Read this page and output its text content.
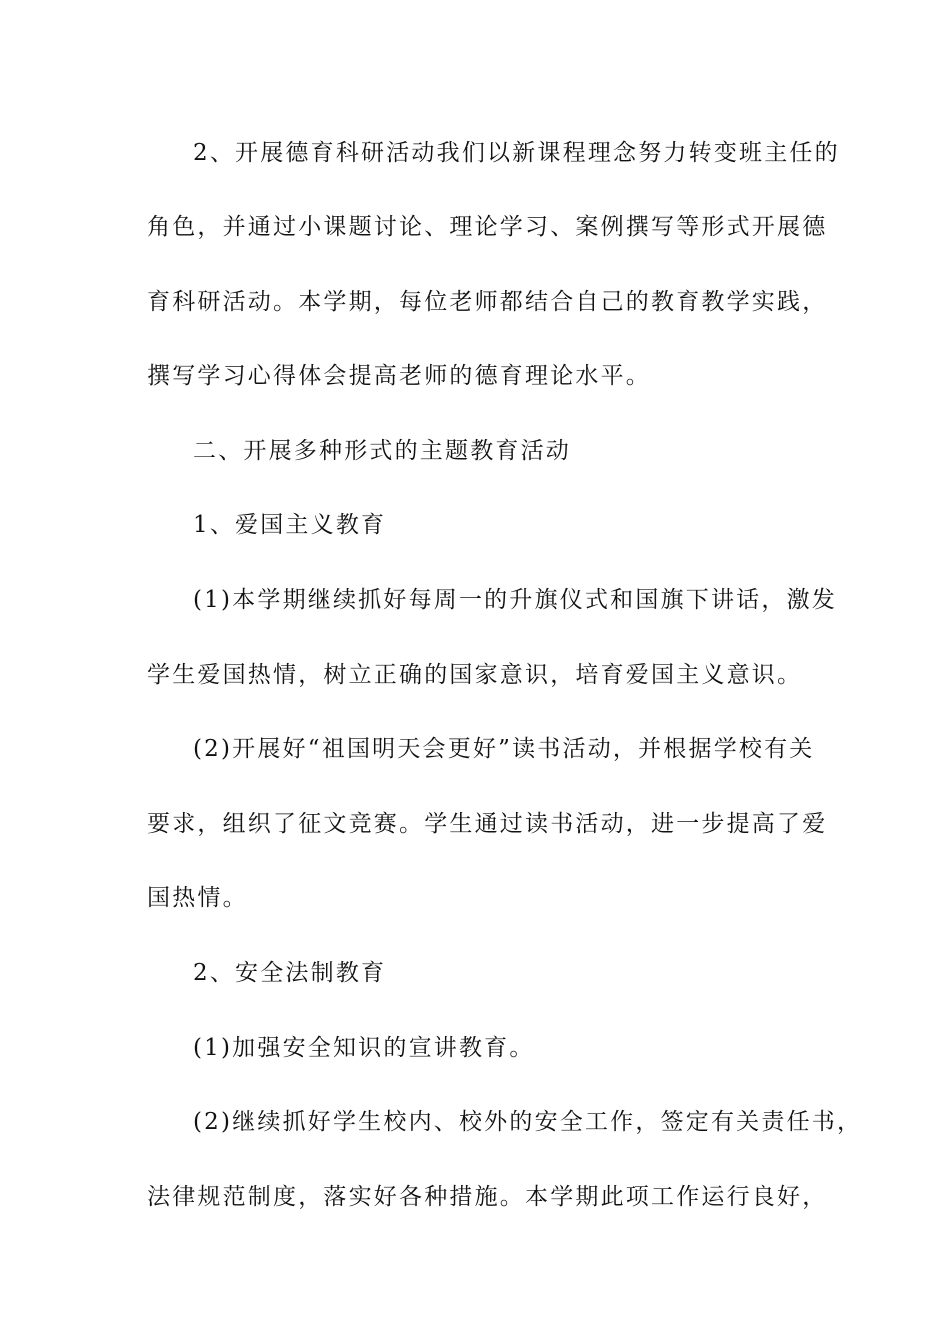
2、开展德育科研活动我们以新课程理念努力转变班主任的
角色，并通过小课题讨论、理论学习、案例撰写等形式开展德
育科研活动。本学期，每位老师都结合自己的教育教学实践，
撰写学习心得体会提高老师的德育理论水平。
二、开展多种形式的主题教育活动
1、爱国主义教育
(1)本学期继续抓好每周一的升旗仪式和国旗下讲话，激发
学生爱国热情，树立正确的国家意识，培育爱国主义意识。
(2)开展好“祖国明天会更好”读书活动，并根据学校有关
要求，组织了征文竞赛。学生通过读书活动，进一步提高了爱
国热情。
2、安全法制教育
(1)加强安全知识的宣讲教育。
(2)继续抓好学生校内、校外的安全工作，签定有关责任书，
法律规范制度，落实好各种措施。本学期此项工作运行良好，
